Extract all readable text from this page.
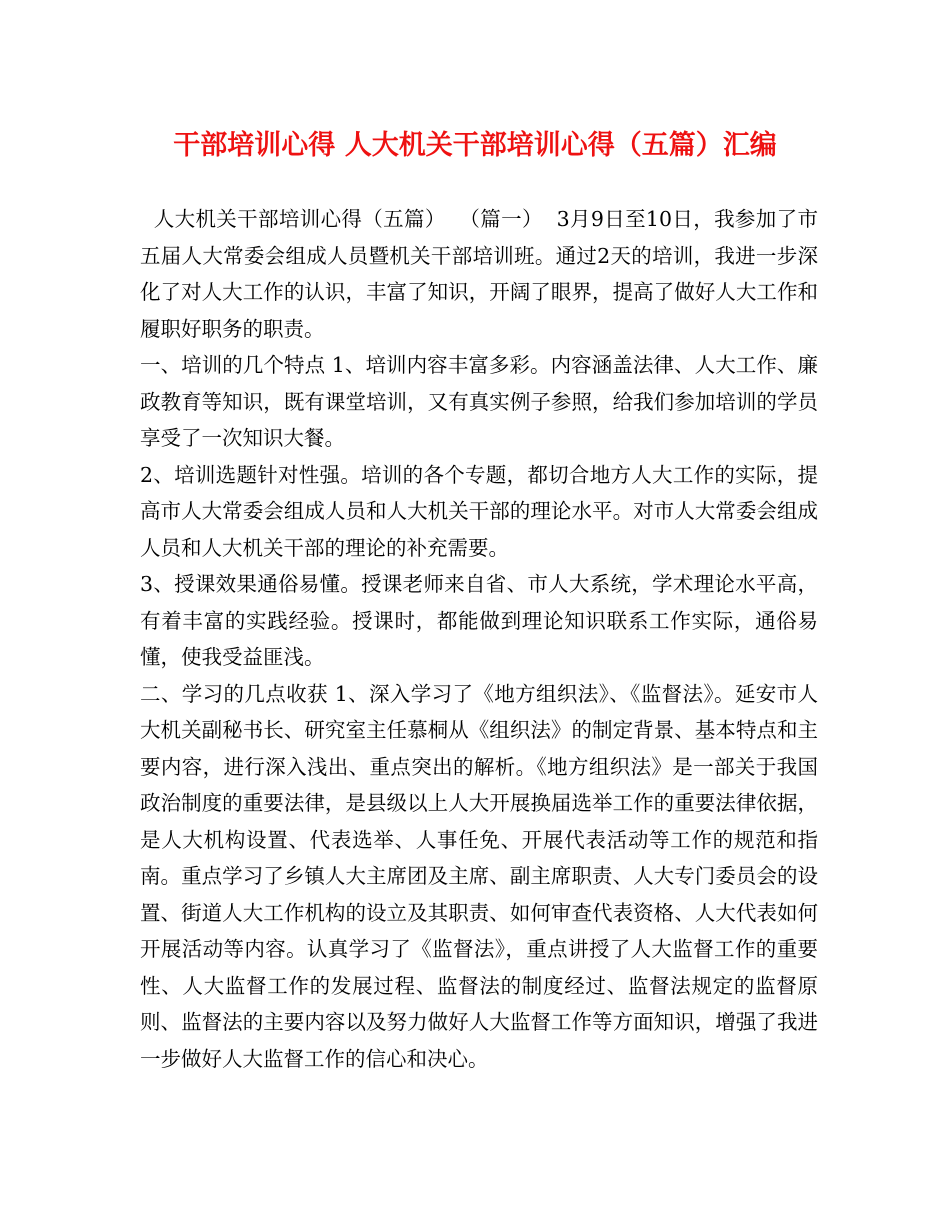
干部培训心得 人大机关干部培训心得（五篇）汇编

人大机关干部培训心得（五篇）  （篇一）  3月9日至10日，我参加了市五届人大常委会组成人员暨机关干部培训班。通过2天的培训，我进一步深化了对人大工作的认识，丰富了知识，开阔了眼界，提高了做好人大工作和履职好职务的职责。

一、培训的几个特点 1、培训内容丰富多彩。内容涵盖法律、人大工作、廉政教育等知识，既有课堂培训，又有真实例子参照，给我们参加培训的学员享受了一次知识大餐。

2、培训选题针对性强。培训的各个专题，都切合地方人大工作的实际，提高市人大常委会组成人员和人大机关干部的理论水平。对市人大常委会组成人员和人大机关干部的理论的补充需要。

3、授课效果通俗易懂。授课老师来自省、市人大系统，学术理论水平高，有着丰富的实践经验。授课时，都能做到理论知识联系工作实际，通俗易懂，使我受益匪浅。

二、学习的几点收获 1、深入学习了《地方组织法》、《监督法》。延安市人大机关副秘书长、研究室主任慕桐从《组织法》的制定背景、基本特点和主要内容，进行深入浅出、重点突出的解析。《地方组织法》是一部关于我国政治制度的重要法律，是县级以上人大开展换届选举工作的重要法律依据，是人大机构设置、代表选举、人事任免、开展代表活动等工作的规范和指南。重点学习了乡镇人大主席团及主席、副主席职责、人大专门委员会的设置、街道人大工作机构的设立及其职责、如何审查代表资格、人大代表如何开展活动等内容。认真学习了《监督法》，重点讲授了人大监督工作的重要性、人大监督工作的发展过程、监督法的制度经过、监督法规定的监督原则、监督法的主要内容以及努力做好人大监督工作等方面知识，增强了我进一步做好人大监督工作的信心和决心。
